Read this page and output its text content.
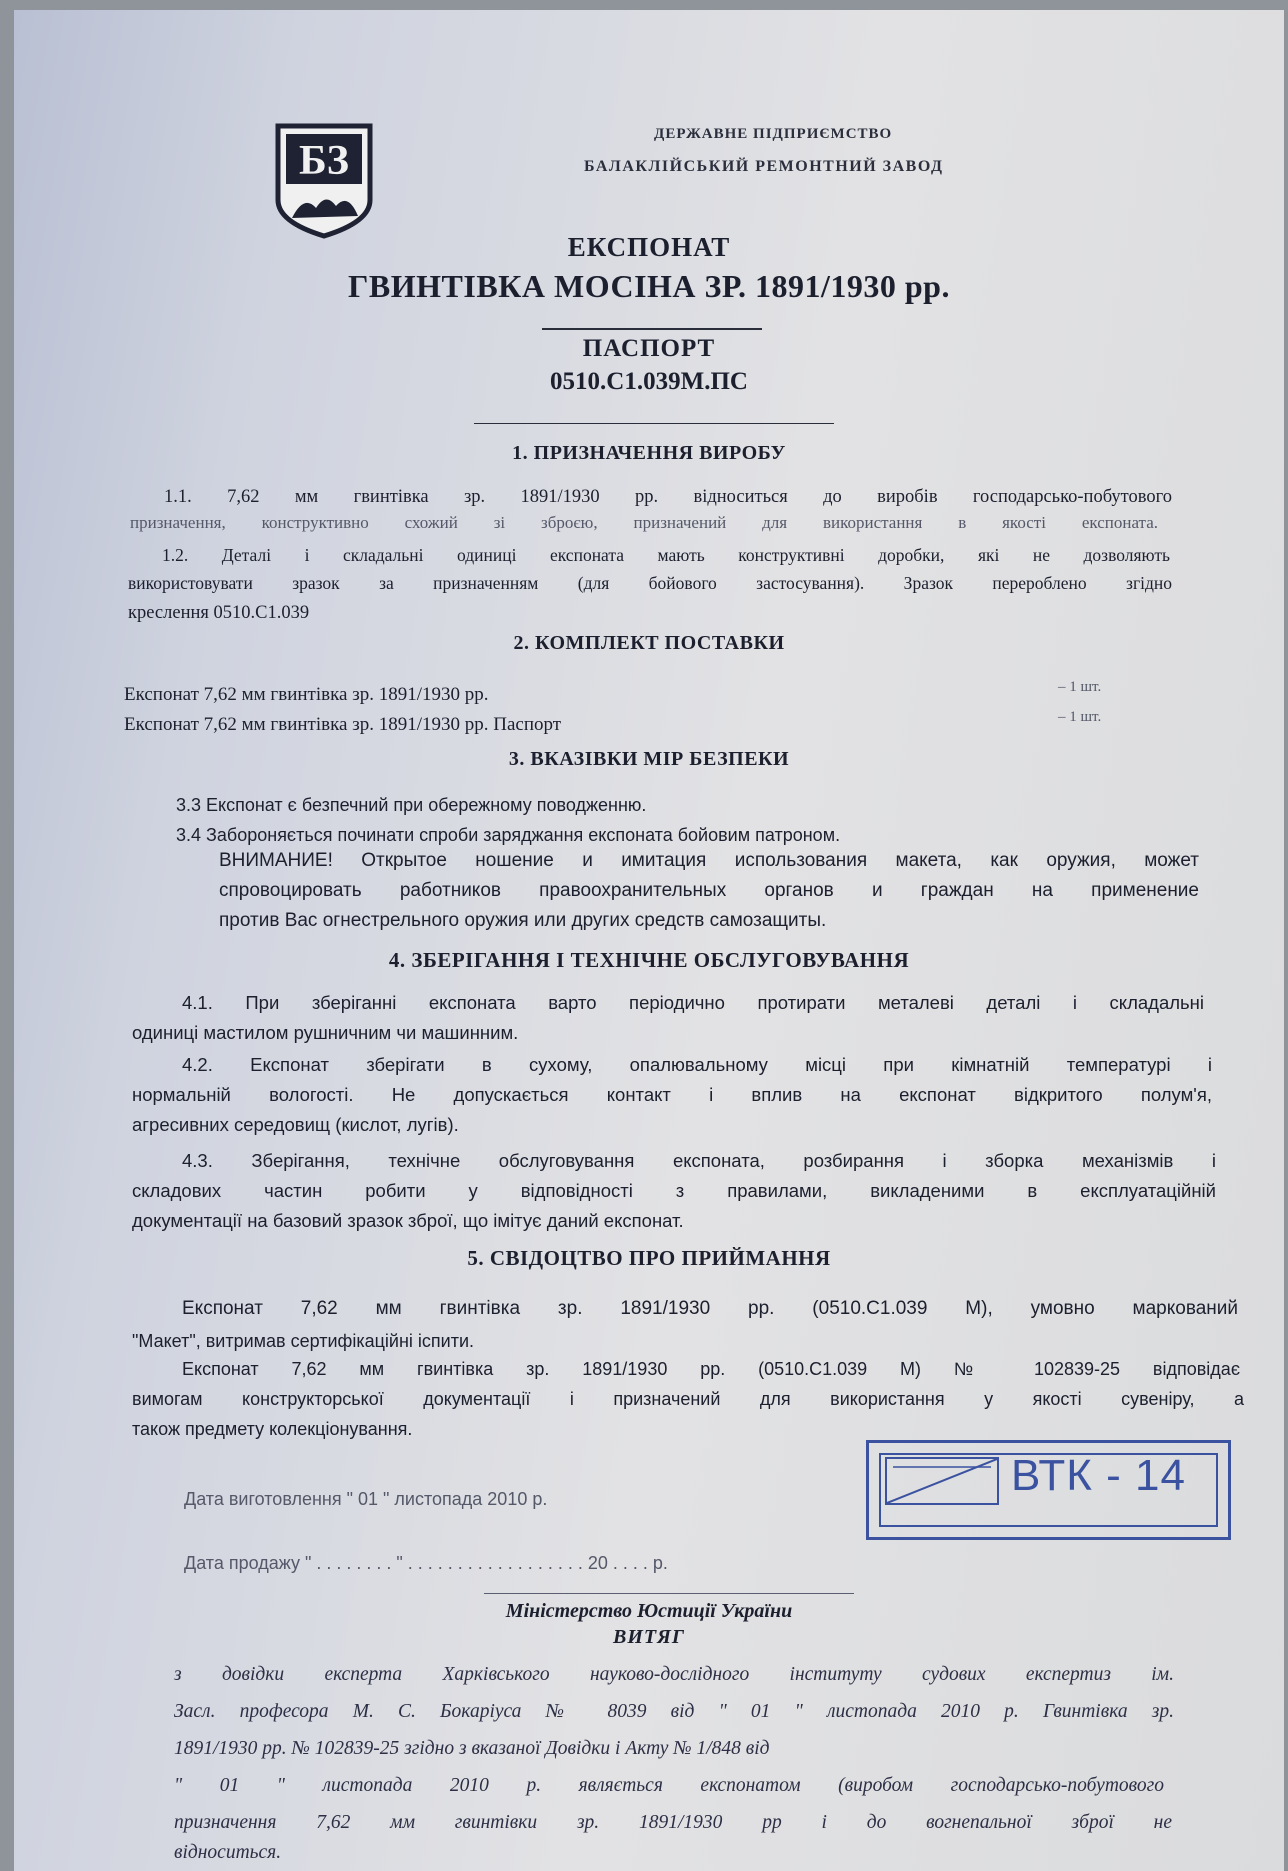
БЗ
ДЕРЖАВНЕ ПІДПРИЄМСТВО
БАЛАКЛІЙСЬКИЙ РЕМОНТНИЙ ЗАВОД
ЕКСПОНАТ
ГВИНТІВКА МОСІНА ЗР. 1891/1930 рр.
ПАСПОРТ
0510.С1.039М.ПС
1. ПРИЗНАЧЕННЯ ВИРОБУ
1.1. 7,62 мм гвинтівка зр. 1891/1930 рр. відноситься до виробів господарсько-побутового
призначення, конструктивно схожий зі зброєю, призначений для використання в якості експоната.
1.2. Деталі і складальні одиниці експоната мають конструктивні доробки, які не дозволяють
використовувати зразок за призначенням (для бойового застосування). Зразок перероблено згідно
креслення 0510.С1.039
2. КОМПЛЕКТ ПОСТАВКИ
Експонат 7,62 мм гвинтівка зр. 1891/1930 рр.	– 1 шт.
Експонат 7,62 мм гвинтівка зр. 1891/1930 рр. Паспорт	– 1 шт.
3. ВКАЗІВКИ МІР БЕЗПЕКИ
3.3 Експонат є безпечний при обережному поводженню.
3.4 Забороняється починати спроби заряджання експоната бойовим патроном.
ВНИМАНИЕ! Открытое ношение и имитация использования макета, как оружия, может
спровоцировать работников правоохранительных органов и граждан на применение
против Вас огнестрельного оружия или других средств самозащиты.
4. ЗБЕРІГАННЯ І ТЕХНІЧНЕ ОБСЛУГОВУВАННЯ
4.1. При зберіганні експоната варто періодично протирати металеві деталі і складальні
одиниці мастилом рушничним чи машинним.
4.2. Експонат зберігати в сухому, опалювальному місці при кімнатній температурі і
нормальній вологості. Не допускається контакт і вплив на експонат відкритого полум'я,
агресивних середовищ (кислот, лугів).
4.3. Зберігання, технічне обслуговування експоната, розбирання і зборка механізмів і
складових частин робити у відповідності з правилами, викладеними в експлуатаційній
документації на базовий зразок зброї, що імітує даний експонат.
5. СВІДОЦТВО ПРО ПРИЙМАННЯ
Експонат 7,62 мм гвинтівка зр. 1891/1930 рр. (0510.С1.039 М), умовно маркований
"Макет", витримав сертифікаційні іспити.
Експонат 7,62 мм гвинтівка зр. 1891/1930 рр. (0510.С1.039 М) № 102839-25 відповідає
вимогам конструкторської документації і призначений для використання у якості сувеніру, а
також предмету колекціонування.
Дата виготовлення " 01 " листопада 2010 р.
Дата продажу " . . . . . . . . " . . . . . . . . . . . . . . . . . . 20 . . . . р.
ВТК - 14
Міністерство Юстиції України
ВИТЯГ
з довідки експерта Харківського науково-дослідного інституту судових експертиз ім.
Засл. професора М. С. Бокаріуса № 8039 від " 01 " листопада 2010 р. Гвинтівка зр.
1891/1930 рр. № 102839-25 згідно з вказаної Довідки і Акту № 1/848 від
" 01 " листопада 2010 р. являється експонатом (виробом господарсько-побутового
призначення 7,62 мм гвинтівки зр. 1891/1930 рр і до вогнепальної зброї не
відноситься.
